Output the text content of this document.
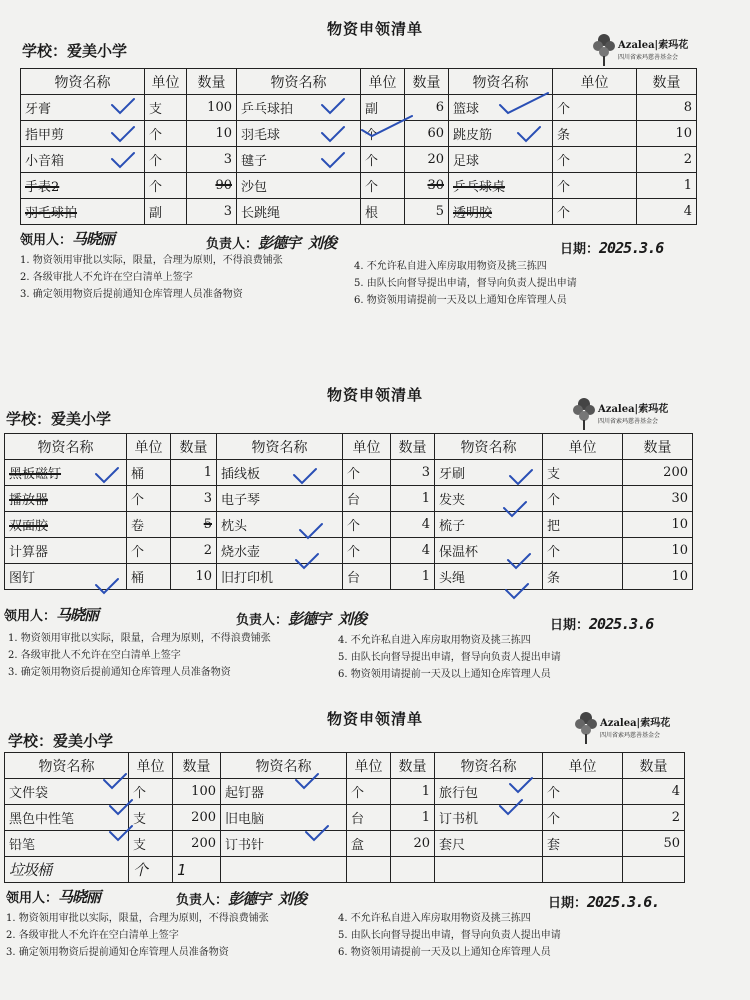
物资申领清单
学校：爱美小学	Azalea|索玛花
四川省索玛慈善基金会
物资名称	单位	数量	物资名称	单位	数量	物资名称	单位	数量
牙膏	支	100	乒乓球拍	副	6	篮球	个	8
指甲剪	个	10	羽毛球	个	60	跳皮筋	条	10
小音箱	个	3	毽子	个	20	足球	个	2
手表2	个	90	沙包	个	30	乒乓球桌	个	1
羽毛球拍	副	3	长跳绳	根	5	透明胶	个	4
领用人：马晓丽	负责人：彭德宇 刘俊	日期：2025.3.6
1. 物资领用审批以实际，限量，合理为原则，不得浪费铺张
2. 各级审批人不允许在空白清单上签字
3. 确定领用物资后提前通知仓库管理人员准备物资
4. 不允许私自进入库房取用物资及挑三拣四
5. 由队长向督导提出申请，督导向负责人提出申请
6. 物资领用请提前一天及以上通知仓库管理人员
物资申领清单
学校：爱美小学
Azalea|索玛花
四川省索玛慈善基金会
物资名称	单位	数量	物资名称	单位	数量	物资名称	单位	数量
黑板磁钉	桶	1	插线板	个	3	牙刷	支	200
播放器	个	3	电子琴	台	1	发夹	个	30
双面胶	卷	5	枕头	个	4	梳子	把	10
计算器	个	2	烧水壶	个	4	保温杯	个	10
图钉	桶	10	旧打印机	台	1	头绳	条	10
领用人：马晓丽	负责人：彭德宇 刘俊	日期：2025.3.6
1. 物资领用审批以实际，限量，合理为原则，不得浪费铺张
2. 各级审批人不允许在空白清单上签字
3. 确定领用物资后提前通知仓库管理人员准备物资
4. 不允许私自进入库房取用物资及挑三拣四
5. 由队长向督导提出申请，督导向负责人提出申请
6. 物资领用请提前一天及以上通知仓库管理人员
物资申领清单
学校：爱美小学
Azalea|索玛花
四川省索玛慈善基金会
物资名称	单位	数量	物资名称	单位	数量	物资名称	单位	数量
文件袋	个	100	起钉器	个	1	旅行包	个	4
黑色中性笔	支	200	旧电脑	台	1	订书机	个	2
铅笔	支	200	订书针	盒	20	套尺	套	50
垃圾桶	个	1						
领用人：马晓丽	负责人：彭德宇 刘俊	日期：2025.3.6.
1. 物资领用审批以实际，限量，合理为原则，不得浪费铺张
2. 各级审批人不允许在空白清单上签字
3. 确定领用物资后提前通知仓库管理人员准备物资
4. 不允许私自进入库房取用物资及挑三拣四
5. 由队长向督导提出申请，督导向负责人提出申请
6. 物资领用请提前一天及以上通知仓库管理人员
